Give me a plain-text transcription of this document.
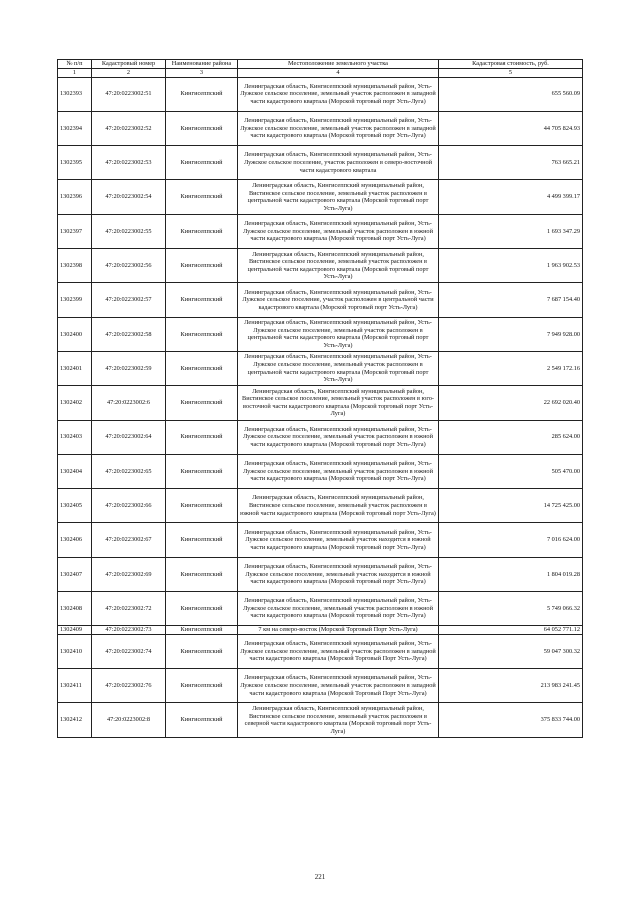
№ п/п	Кадастровый номер	Наименование района	Местоположение земельного участка	Кадастровая стоимость, руб.
1	2	3	4	5
1302393	47:20:0223002:51	Кингисеппский	Ленинградская область, Кингисеппский муниципальный район, Усть-Лужское сельское поселение, земельный участок расположен в западной части кадастрового квартала (Морской торговый порт Усть-Луга)	655 560.09
1302394	47:20:0223002:52	Кингисеппский	Ленинградская область, Кингисеппский муниципальный район, Усть-Лужское сельское поселение, земельный участок расположен в западной части кадастрового квартала (Морской торговый порт Усть-Луга)	44 705 824.93
1302395	47:20:0223002:53	Кингисеппский	Ленинградская область, Кингисеппский муниципальный район, Усть-Лужское сельское поселение, участок расположен в северо-восточной части кадастрового квартала	763 665.21
1302396	47:20:0223002:54	Кингисеппский	Ленинградская область, Кингисеппский муниципальный район, Вистинское сельское поселение, земельный участок расположен в центральной части кадастрового квартала (Морской торговый порт Усть-Луга)	4 499 399.17
1302397	47:20:0223002:55	Кингисеппский	Ленинградская область, Кингисеппский муниципальный район, Усть-Лужское сельское поселение, земельный участок расположен в южной части кадастрового квартала (Морской торговый порт Усть-Луга)	1 693 347.29
1302398	47:20:0223002:56	Кингисеппский	Ленинградская область, Кингисеппский муниципальный район, Вистинское сельское поселение, земельный участок расположен в центральной части кадастрового квартала (Морской торговый порт Усть-Луга)	1 963 902.53
1302399	47:20:0223002:57	Кингисеппский	Ленинградская область, Кингисеппский муниципальный район, Усть-Лужское сельское поселение, участок расположен в центральной части кадастрового квартала (Морской торговый порт Усть-Луга)	7 687 154.40
1302400	47:20:0223002:58	Кингисеппский	Ленинградская область, Кингисеппский муниципальный район, Усть-Лужское сельское поселение, земельный участок расположен в центральной части кадастрового квартала (Морской торговый порт Усть-Луга)	7 949 928.00
1302401	47:20:0223002:59	Кингисеппский	Ленинградская область, Кингисеппский муниципальный район, Усть-Лужское сельское поселение, земельный участок расположен в центральной части кадастрового квартала (Морской торговый порт Усть-Луга)	2 549 172.16
1302402	47:20:0223002:6	Кингисеппский	Ленинградская область, Кингисеппский муниципальный район, Вистинское сельское поселение, земельный участок расположен в юго-восточной части кадастрового квартала (Морской торговый порт Усть-Луга)	22 692 020.40
1302403	47:20:0223002:64	Кингисеппский	Ленинградская область, Кингисеппский муниципальный район, Усть-Лужское сельское поселение, земельный участок расположен в южной части кадастрового квартала (Морской торговый порт Усть-Луга)	285 624.00
1302404	47:20:0223002:65	Кингисеппский	Ленинградская область, Кингисеппский муниципальный район, Усть-Лужское сельское поселение, земельный участок расположен в южной части кадастрового квартала (Морской торговый порт Усть-Луга)	505 470.00
1302405	47:20:0223002:66	Кингисеппский	Ленинградская область, Кингисеппский муниципальный район, Вистинское сельское поселение, земельный участок расположен в южной части кадастрового квартала (Морской торговый порт Усть-Луга)	14 725 425.00
1302406	47:20:0223002:67	Кингисеппский	Ленинградская область, Кингисеппский муниципальный район, Усть-Лужское сельское поселение, земельный участок находится в южной части кадастрового квартала (Морской торговый порт Усть-Луга)	7 016 624.00
1302407	47:20:0223002:69	Кингисеппский	Ленинградская область, Кингисеппский муниципальный район, Усть-Лужское сельское поселение, земельный участок находится в южной части кадастрового квартала (Морской торговый порт Усть-Луга)	1 804 019.28
1302408	47:20:0223002:72	Кингисеппский	Ленинградская область, Кингисеппский муниципальный район, Усть-Лужское сельское поселение, земельный участок расположен в южной части кадастрового квартала (Морской торговый порт Усть-Луга)	5 749 066.32
1302409	47:20:0223002:73	Кингисеппский	7 км на северо-восток (Морской Торговый Порт Усть-Луга)	64 052 771.12
1302410	47:20:0223002:74	Кингисеппский	Ленинградская область, Кингисеппский муниципальный район, Усть-Лужское сельское поселение, земельный участок расположен в западной части кадастрового квартала (Морской Торговый Порт Усть-Луга)	59 047 300.32
1302411	47:20:0223002:76	Кингисеппский	Ленинградская область, Кингисеппский муниципальный район, Усть-Лужское сельское поселение, земельный участок расположен в западной части кадастрового квартала (Морской Торговый Порт Усть-Луга)	213 983 241.45
1302412	47:20:0223002:8	Кингисеппский	Ленинградская область, Кингисеппский муниципальный район, Вистинское сельское поселение, земельный участок расположен в северной части кадастрового квартала (Морской торговый порт Усть-Луга)	375 833 744.00
221
